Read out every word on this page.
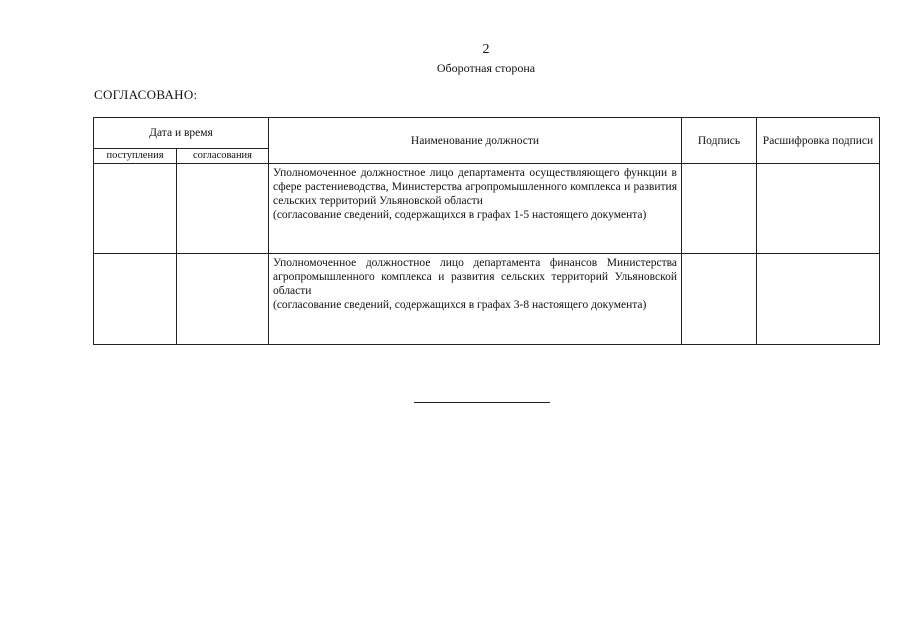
2
Оборотная сторона
СОГЛАСОВАНО:
Дата и время		Наименование должности	Подпись	Расшифровка подписи
поступления	согласования			

		Уполномоченное должностное лицо департамента осуществляющего функции в сфере растениеводства, Министерства агропромышленного комплекса и развития сельских территорий Ульяновской области
(согласование сведений, содержащихся в графах 1-5 настоящего документа)		

		Уполномоченное должностное лицо департамента финансов Министерства агропромышленного комплекса и развития сельских территорий Ульяновской области
(согласование сведений, содержащихся в графах 3-8 настоящего документа)		
